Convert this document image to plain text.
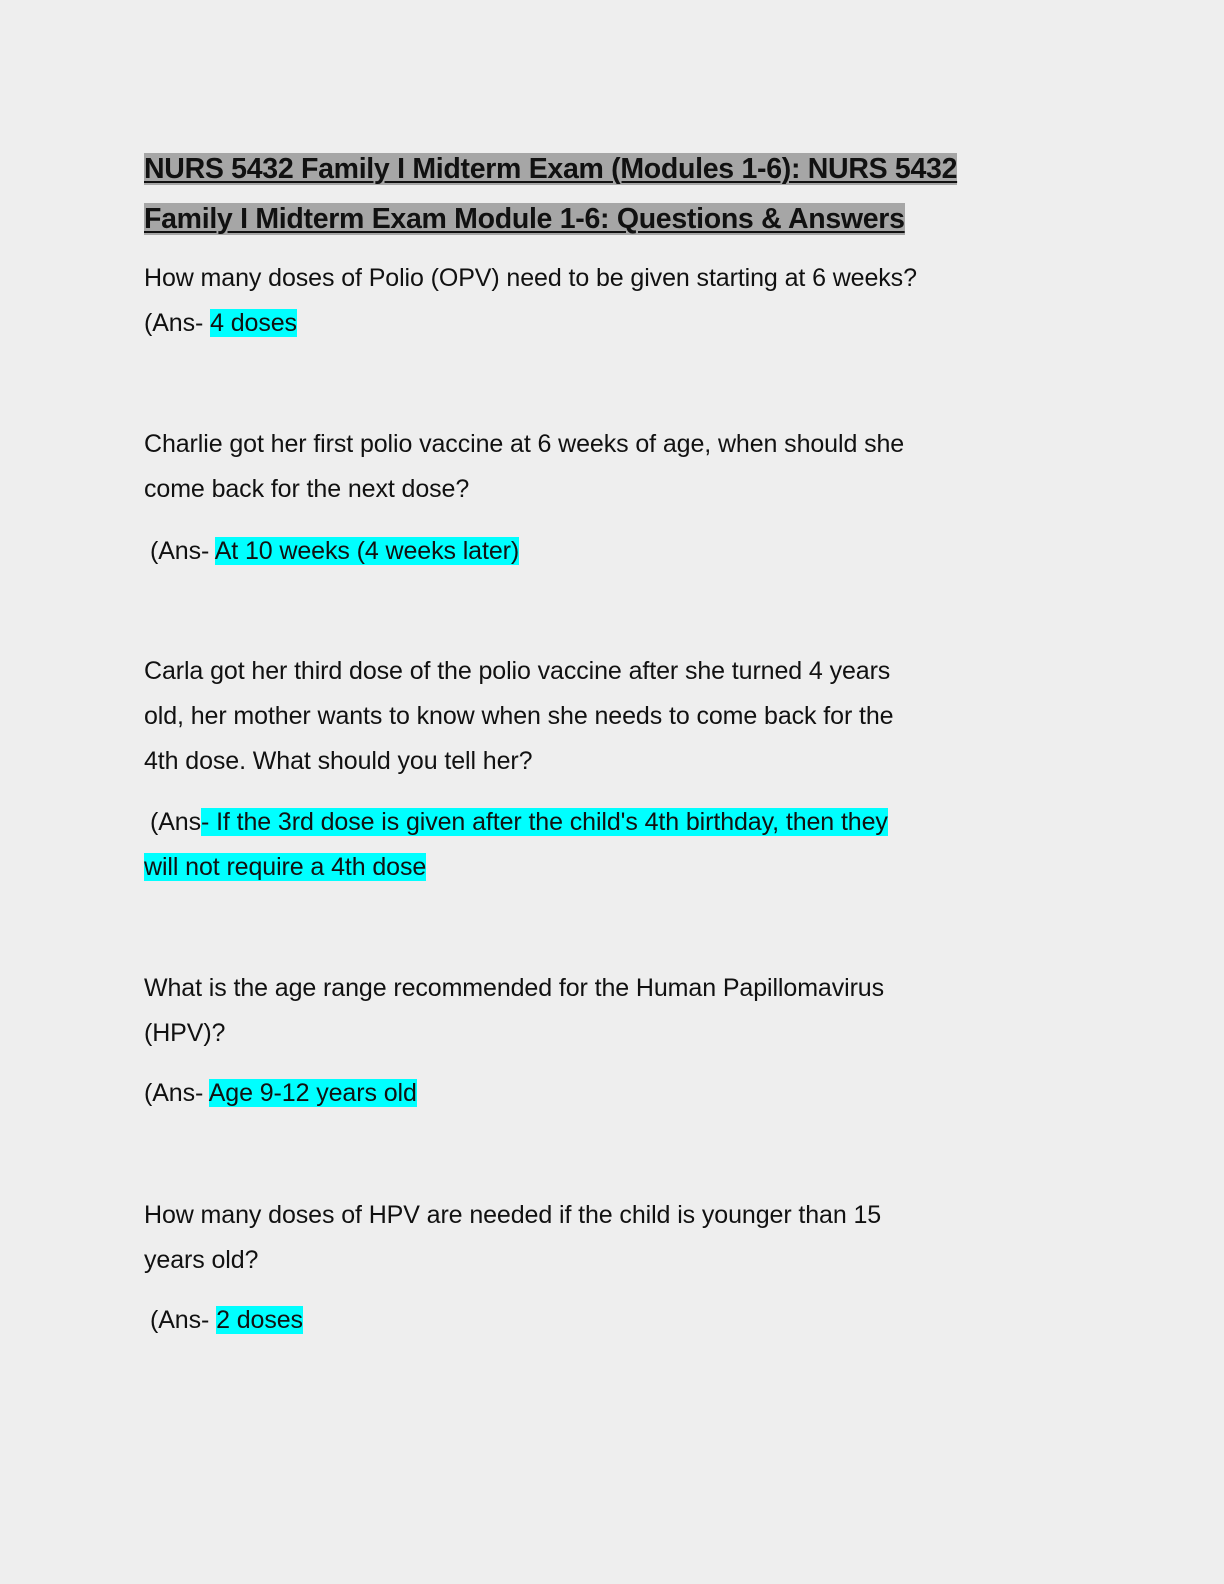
NURS 5432 Family I Midterm Exam (Modules 1-6): NURS 5432
Family I Midterm Exam Module 1-6: Questions & Answers
How many doses of Polio (OPV) need to be given starting at 6 weeks?
(Ans- 4 doses
Charlie got her first polio vaccine at 6 weeks of age, when should she
come back for the next dose?
(Ans- At 10 weeks (4 weeks later)
Carla got her third dose of the polio vaccine after she turned 4 years
old, her mother wants to know when she needs to come back for the
4th dose. What should you tell her?
(Ans- If the 3rd dose is given after the child's 4th birthday, then they
will not require a 4th dose
What is the age range recommended for the Human Papillomavirus
(HPV)?
(Ans- Age 9-12 years old
How many doses of HPV are needed if the child is younger than 15
years old?
(Ans- 2 doses
